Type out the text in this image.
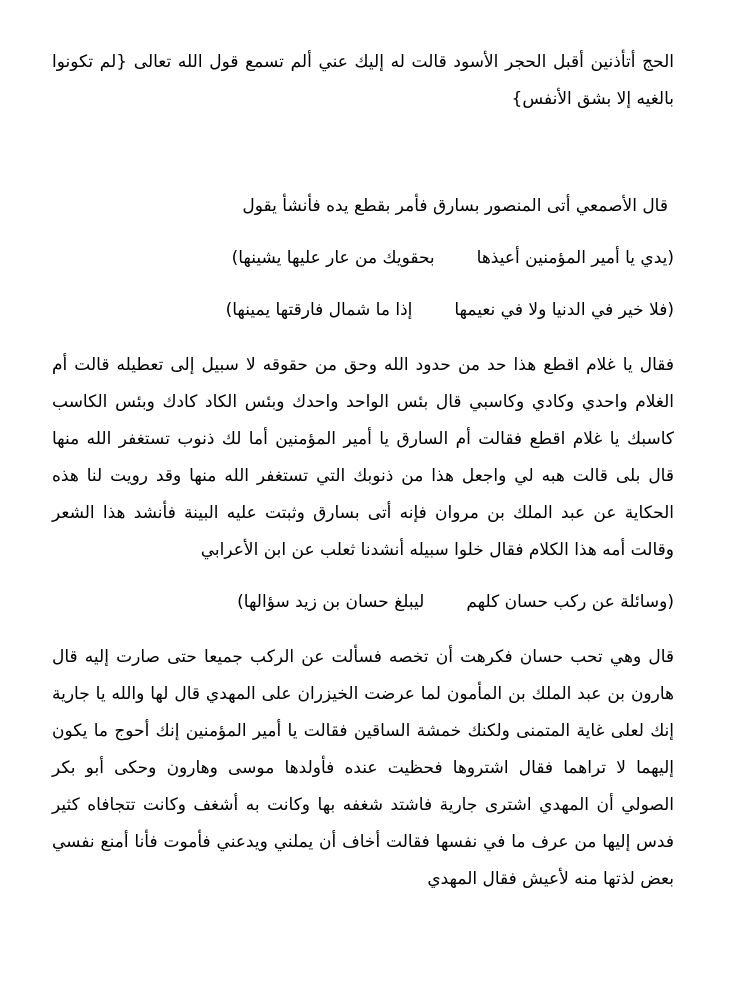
الحج أتأذنين أقبل الحجر الأسود قالت له إليك عني ألم تسمع قول الله تعالى {لم تكونوا بالغيه إلا بشق الأنفس}

قال الأصمعي أتى المنصور بسارق فأمر بقطع يده فأنشأ يقول

(يدي يا أمير المؤمنين أعيذها
بحقويك من عار عليها يشينها)
(فلا خير في الدنيا ولا في نعيمها
إذا ما شمال فارقتها يمينها)

فقال يا غلام اقطع هذا حد من حدود الله وحق من حقوقه لا سبيل إلى تعطيله قالت أم الغلام واحدي وكادي وكاسبي قال بئس الواحد واحدك وبئس الكاد كادك وبئس الكاسب كاسبك يا غلام اقطع فقالت أم السارق يا أمير المؤمنين أما لك ذنوب تستغفر الله منها قال بلى قالت هبه لي واجعل هذا من ذنوبك التي تستغفر الله منها وقد رويت لنا هذه الحكاية عن عبد الملك بن مروان فإنه أتى بسارق وثبتت عليه البينة فأنشد هذا الشعر وقالت أمه هذا الكلام فقال خلوا سبيله أنشدنا ثعلب عن ابن الأعرابي

(وسائلة عن ركب حسان كلهم
ليبلغ حسان بن زيد سؤالها)

قال وهي تحب حسان فكرهت أن تخصه فسألت عن الركب جميعا حتى صارت إليه قال هارون بن عبد الملك بن المأمون لما عرضت الخيزران على المهدي قال لها والله يا جارية إنك لعلى غاية المتمنى ولكنك خمشة الساقين فقالت يا أمير المؤمنين إنك أحوج ما يكون إليهما لا تراهما فقال اشتروها فحظيت عنده فأولدها موسى وهارون وحكى أبو بكر الصولي أن المهدي اشترى جارية فاشتد شغفه بها وكانت به أشغف وكانت تتجافاه كثير فدس إليها من عرف ما في نفسها فقالت أخاف أن يملني ويدعني فأموت فأنا أمنع نفسي بعض لذتها منه لأعيش فقال المهدي
